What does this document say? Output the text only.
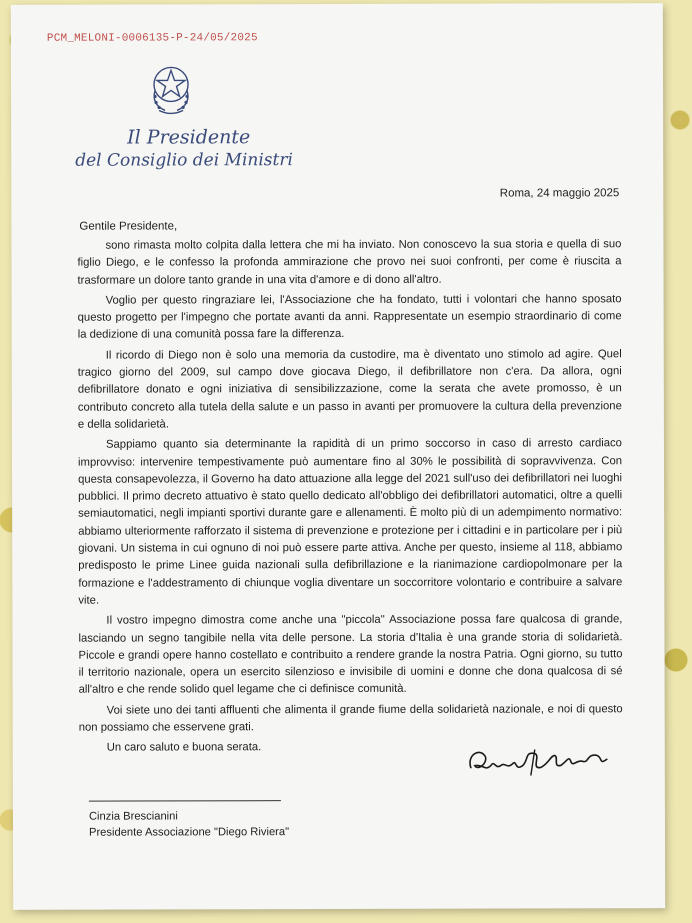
PCM_MELONI-0006135-P-24/05/2025
Il Presidente
del Consiglio dei Ministri
Roma, 24 maggio 2025
Gentile Presidente,

sono rimasta molto colpita dalla lettera che mi ha inviato. Non conoscevo la sua storia e quella di suo figlio Diego, e le confesso la profonda ammirazione che provo nei suoi confronti, per come è riuscita a trasformare un dolore tanto grande in una vita d'amore e di dono all'altro.

Voglio per questo ringraziare lei, l'Associazione che ha fondato, tutti i volontari che hanno sposato questo progetto per l'impegno che portate avanti da anni. Rappresentate un esempio straordinario di come la dedizione di una comunità possa fare la differenza.

Il ricordo di Diego non è solo una memoria da custodire, ma è diventato uno stimolo ad agire. Quel tragico giorno del 2009, sul campo dove giocava Diego, il defibrillatore non c'era. Da allora, ogni defibrillatore donato e ogni iniziativa di sensibilizzazione, come la serata che avete promosso, è un contributo concreto alla tutela della salute e un passo in avanti per promuovere la cultura della prevenzione e della solidarietà.

Sappiamo quanto sia determinante la rapidità di un primo soccorso in caso di arresto cardiaco improvviso: intervenire tempestivamente può aumentare fino al 30% le possibilità di sopravvivenza. Con questa consapevolezza, il Governo ha dato attuazione alla legge del 2021 sull'uso dei defibrillatori nei luoghi pubblici. Il primo decreto attuativo è stato quello dedicato all'obbligo dei defibrillatori automatici, oltre a quelli semiautomatici, negli impianti sportivi durante gare e allenamenti. È molto più di un adempimento normativo: abbiamo ulteriormente rafforzato il sistema di prevenzione e protezione per i cittadini e in particolare per i più giovani. Un sistema in cui ognuno di noi può essere parte attiva. Anche per questo, insieme al 118, abbiamo predisposto le prime Linee guida nazionali sulla defibrillazione e la rianimazione cardiopolmonare per la formazione e l'addestramento di chiunque voglia diventare un soccorritore volontario e contribuire a salvare vite.

Il vostro impegno dimostra come anche una "piccola" Associazione possa fare qualcosa di grande, lasciando un segno tangibile nella vita delle persone. La storia d'Italia è una grande storia di solidarietà. Piccole e grandi opere hanno costellato e contribuito a rendere grande la nostra Patria. Ogni giorno, su tutto il territorio nazionale, opera un esercito silenzioso e invisibile di uomini e donne che dona qualcosa di sé all'altro e che rende solido quel legame che ci definisce comunità.

Voi siete uno dei tanti affluenti che alimenta il grande fiume della solidarietà nazionale, e noi di questo non possiamo che esservene grati.

Un caro saluto e buona serata.

Cinzia Brescianini
Presidente Associazione "Diego Riviera"
